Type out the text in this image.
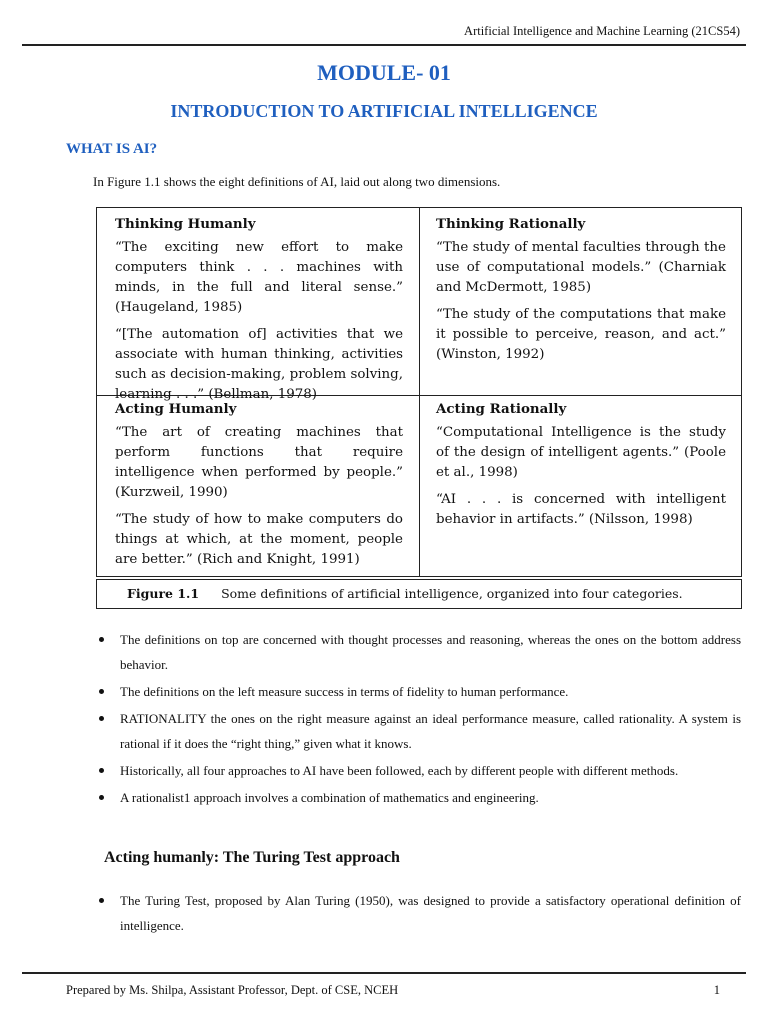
Artificial Intelligence and Machine Learning (21CS54)
MODULE- 01
INTRODUCTION TO ARTIFICIAL INTELLIGENCE
WHAT IS AI?
In Figure 1.1 shows the eight definitions of AI, laid out along two dimensions.
Thinking Humanly
“The exciting new effort to make computers think . . . machines with minds, in the full and literal sense.” (Haugeland, 1985)
“[The automation of] activities that we associate with human thinking, activities such as decision-making, problem solving, learning . . .” (Bellman, 1978)
Thinking Rationally
“The study of mental faculties through the use of computational models.” (Charniak and McDermott, 1985)
“The study of the computations that make it possible to perceive, reason, and act.” (Winston, 1992)
Acting Humanly
“The art of creating machines that perform functions that require intelligence when performed by people.” (Kurzweil, 1990)
“The study of how to make computers do things at which, at the moment, people are better.” (Rich and Knight, 1991)
Acting Rationally
“Computational Intelligence is the study of the design of intelligent agents.” (Poole et al., 1998)
“AI . . . is concerned with intelligent behavior in artifacts.” (Nilsson, 1998)
Figure 1.1 Some definitions of artificial intelligence, organized into four categories.
The definitions on top are concerned with thought processes and reasoning, whereas the ones on the bottom address behavior.
The definitions on the left measure success in terms of fidelity to human performance.
RATIONALITY the ones on the right measure against an ideal performance measure, called rationality. A system is rational if it does the “right thing,” given what it knows.
Historically, all four approaches to AI have been followed, each by different people with different methods.
A rationalist1 approach involves a combination of mathematics and engineering.
Acting humanly: The Turing Test approach
The Turing Test, proposed by Alan Turing (1950), was designed to provide a satisfactory operational definition of intelligence.
Prepared by Ms. Shilpa, Assistant Professor, Dept. of CSE, NCEH	1
